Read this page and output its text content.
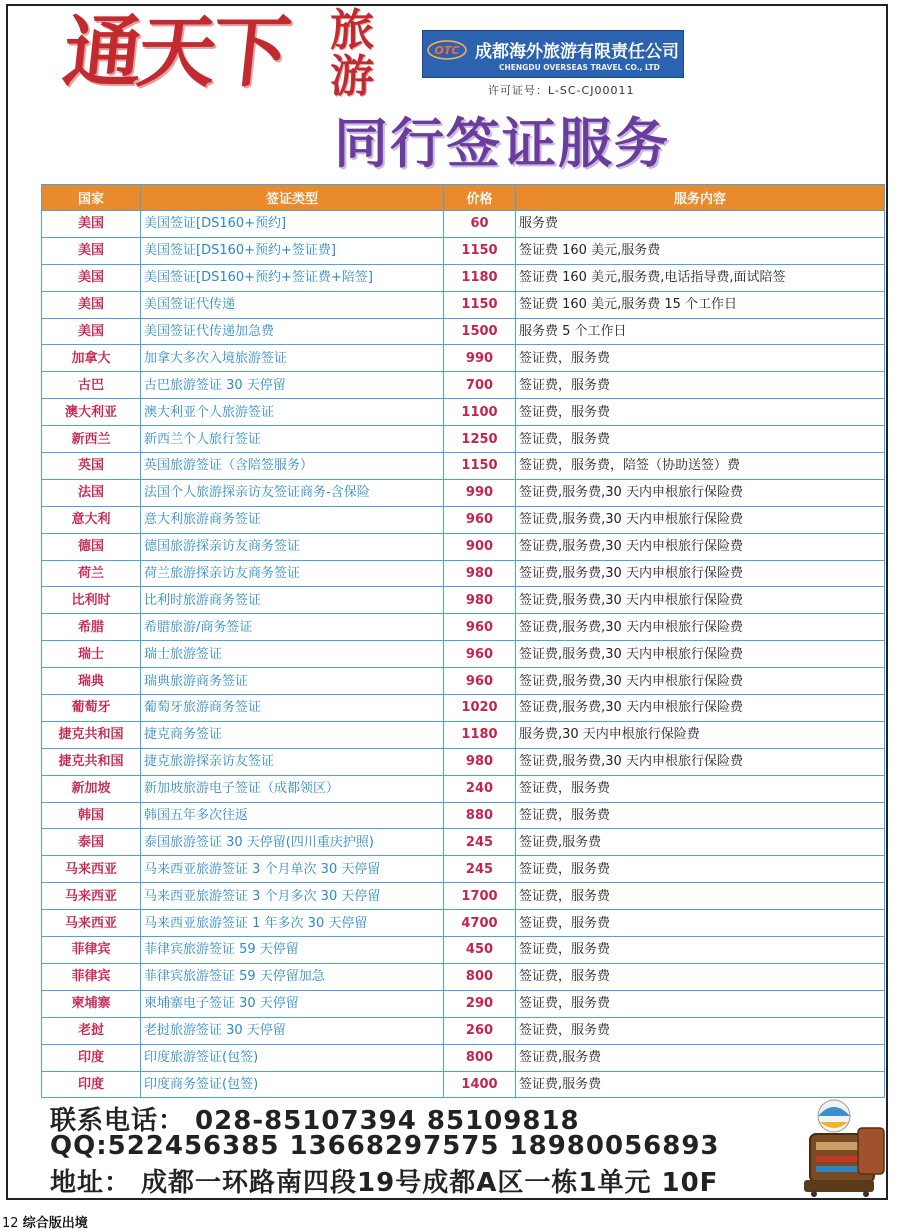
通天下 旅游
OTC 成都海外旅游有限责任公司
CHENGDU OVERSEAS TRAVEL CO., LTD
许可证号：L-SC-CJ00011
同行签证服务
国家	签证类型	价格	服务内容
美国	美国签证[DS160+预约]	60	服务费
美国	美国签证[DS160+预约+签证费]	1150	签证费 160 美元,服务费
美国	美国签证[DS160+预约+签证费+陪签]	1180	签证费 160 美元,服务费,电话指导费,面试陪签
美国	美国签证代传递	1150	签证费 160 美元,服务费 15 个工作日
美国	美国签证代传递加急费	1500	服务费 5 个工作日
加拿大	加拿大多次入境旅游签证	990	签证费，服务费
古巴	古巴旅游签证 30 天停留	700	签证费，服务费
澳大利亚	澳大利亚个人旅游签证	1100	签证费，服务费
新西兰	新西兰个人旅行签证	1250	签证费，服务费
英国	英国旅游签证（含陪签服务）	1150	签证费，服务费，陪签（协助送签）费
法国	法国个人旅游探亲访友签证商务-含保险	990	签证费,服务费,30 天内申根旅行保险费
意大利	意大利旅游商务签证	960	签证费,服务费,30 天内申根旅行保险费
德国	德国旅游探亲访友商务签证	900	签证费,服务费,30 天内申根旅行保险费
荷兰	荷兰旅游探亲访友商务签证	980	签证费,服务费,30 天内申根旅行保险费
比利时	比利时旅游商务签证	980	签证费,服务费,30 天内申根旅行保险费
希腊	希腊旅游/商务签证	960	签证费,服务费,30 天内申根旅行保险费
瑞士	瑞士旅游签证	960	签证费,服务费,30 天内申根旅行保险费
瑞典	瑞典旅游商务签证	960	签证费,服务费,30 天内申根旅行保险费
葡萄牙	葡萄牙旅游商务签证	1020	签证费,服务费,30 天内申根旅行保险费
捷克共和国	捷克商务签证	1180	服务费,30 天内申根旅行保险费
捷克共和国	捷克旅游探亲访友签证	980	签证费,服务费,30 天内申根旅行保险费
新加坡	新加坡旅游电子签证（成都领区）	240	签证费，服务费
韩国	韩国五年多次往返	880	签证费，服务费
泰国	泰国旅游签证 30 天停留(四川重庆护照)	245	签证费,服务费
马来西亚	马来西亚旅游签证 3 个月单次 30 天停留	245	签证费，服务费
马来西亚	马来西亚旅游签证 3 个月多次 30 天停留	1700	签证费，服务费
马来西亚	马来西亚旅游签证 1 年多次 30 天停留	4700	签证费，服务费
菲律宾	菲律宾旅游签证 59 天停留	450	签证费，服务费
菲律宾	菲律宾旅游签证 59 天停留加急	800	签证费，服务费
柬埔寨	柬埔寨电子签证 30 天停留	290	签证费，服务费
老挝	老挝旅游签证 30 天停留	260	签证费，服务费
印度	印度旅游签证(包签)	800	签证费,服务费
印度	印度商务签证(包签)	1400	签证费,服务费
联系电话： 028-85107394 85109818
QQ:522456385 13668297575 18980056893
地址： 成都一环路南四段19号成都A区一栋1单元 10F
12 综合版出境
